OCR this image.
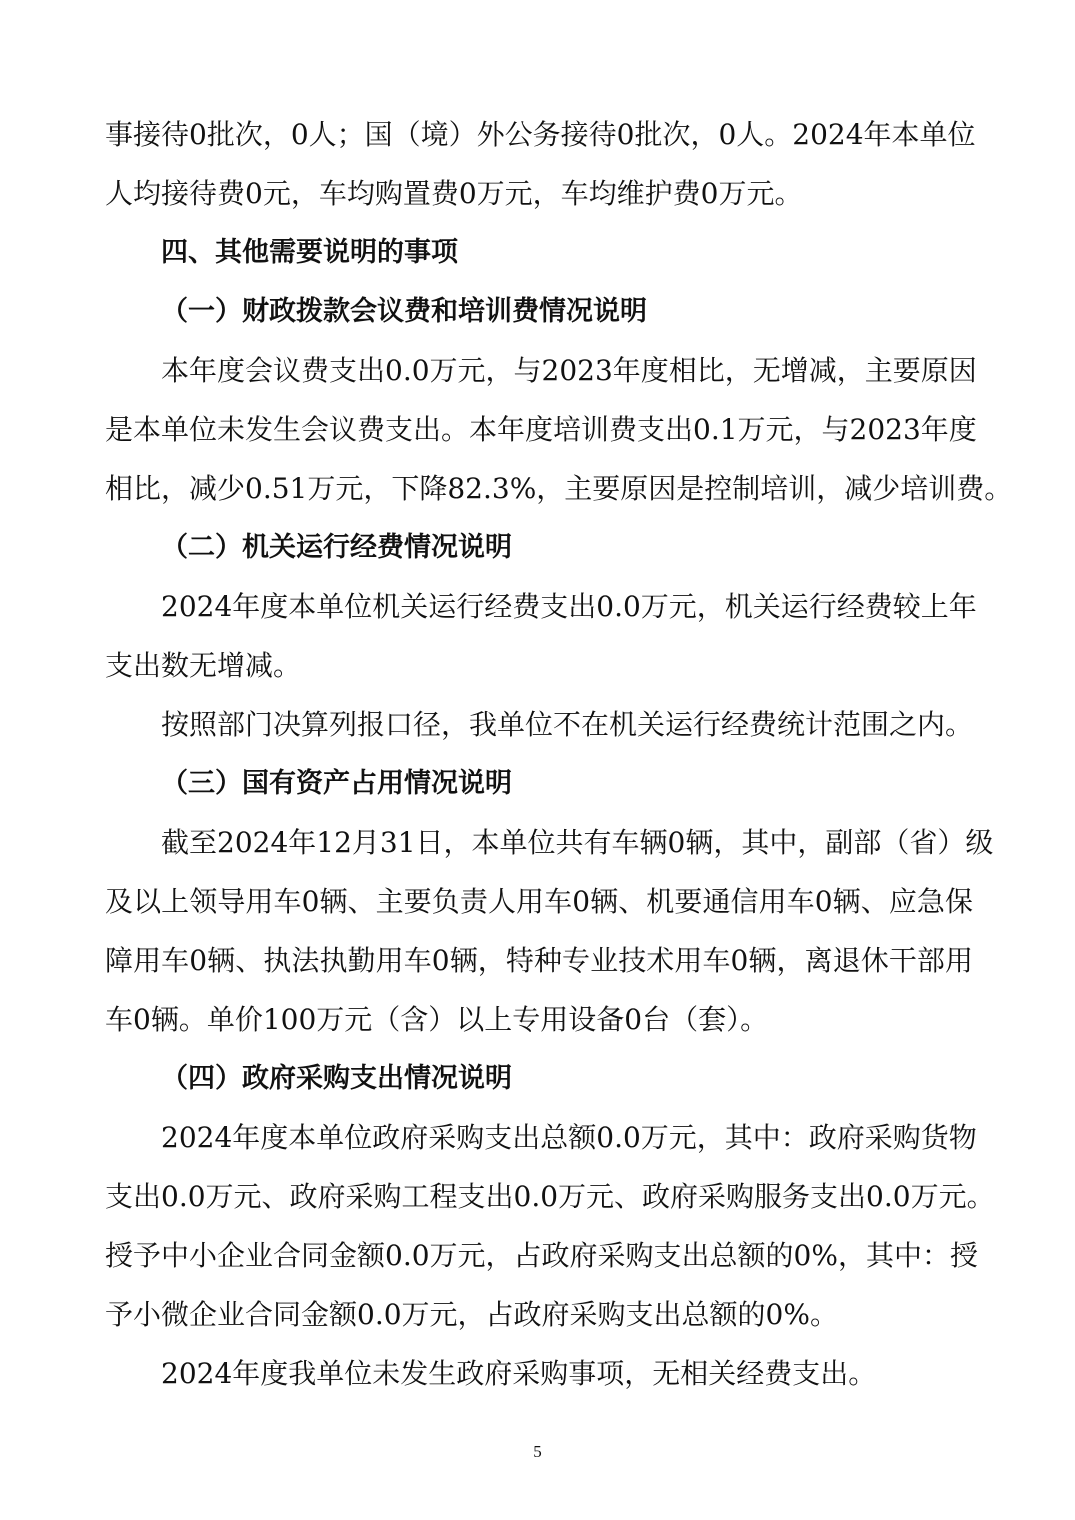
事接待0批次，0人；国（境）外公务接待0批次，0人。2024年本单位
人均接待费0元，车均购置费0万元，车均维护费0万元。
四、其他需要说明的事项
（一）财政拨款会议费和培训费情况说明
本年度会议费支出0.0万元，与2023年度相比，无增减，主要原因
是本单位未发生会议费支出。本年度培训费支出0.1万元，与2023年度
相比，减少0.51万元，下降82.3%，主要原因是控制培训，减少培训费。
（二）机关运行经费情况说明
2024年度本单位机关运行经费支出0.0万元，机关运行经费较上年
支出数无增减。
按照部门决算列报口径，我单位不在机关运行经费统计范围之内。
（三）国有资产占用情况说明
截至2024年12月31日，本单位共有车辆0辆，其中，副部（省）级
及以上领导用车0辆、主要负责人用车0辆、机要通信用车0辆、应急保
障用车0辆、执法执勤用车0辆，特种专业技术用车0辆，离退休干部用
车0辆。单价100万元（含）以上专用设备0台（套）。
（四）政府采购支出情况说明
2024年度本单位政府采购支出总额0.0万元，其中：政府采购货物
支出0.0万元、政府采购工程支出0.0万元、政府采购服务支出0.0万元。
授予中小企业合同金额0.0万元，占政府采购支出总额的0%，其中：授
予小微企业合同金额0.0万元，占政府采购支出总额的0%。
2024年度我单位未发生政府采购事项，无相关经费支出。
5
